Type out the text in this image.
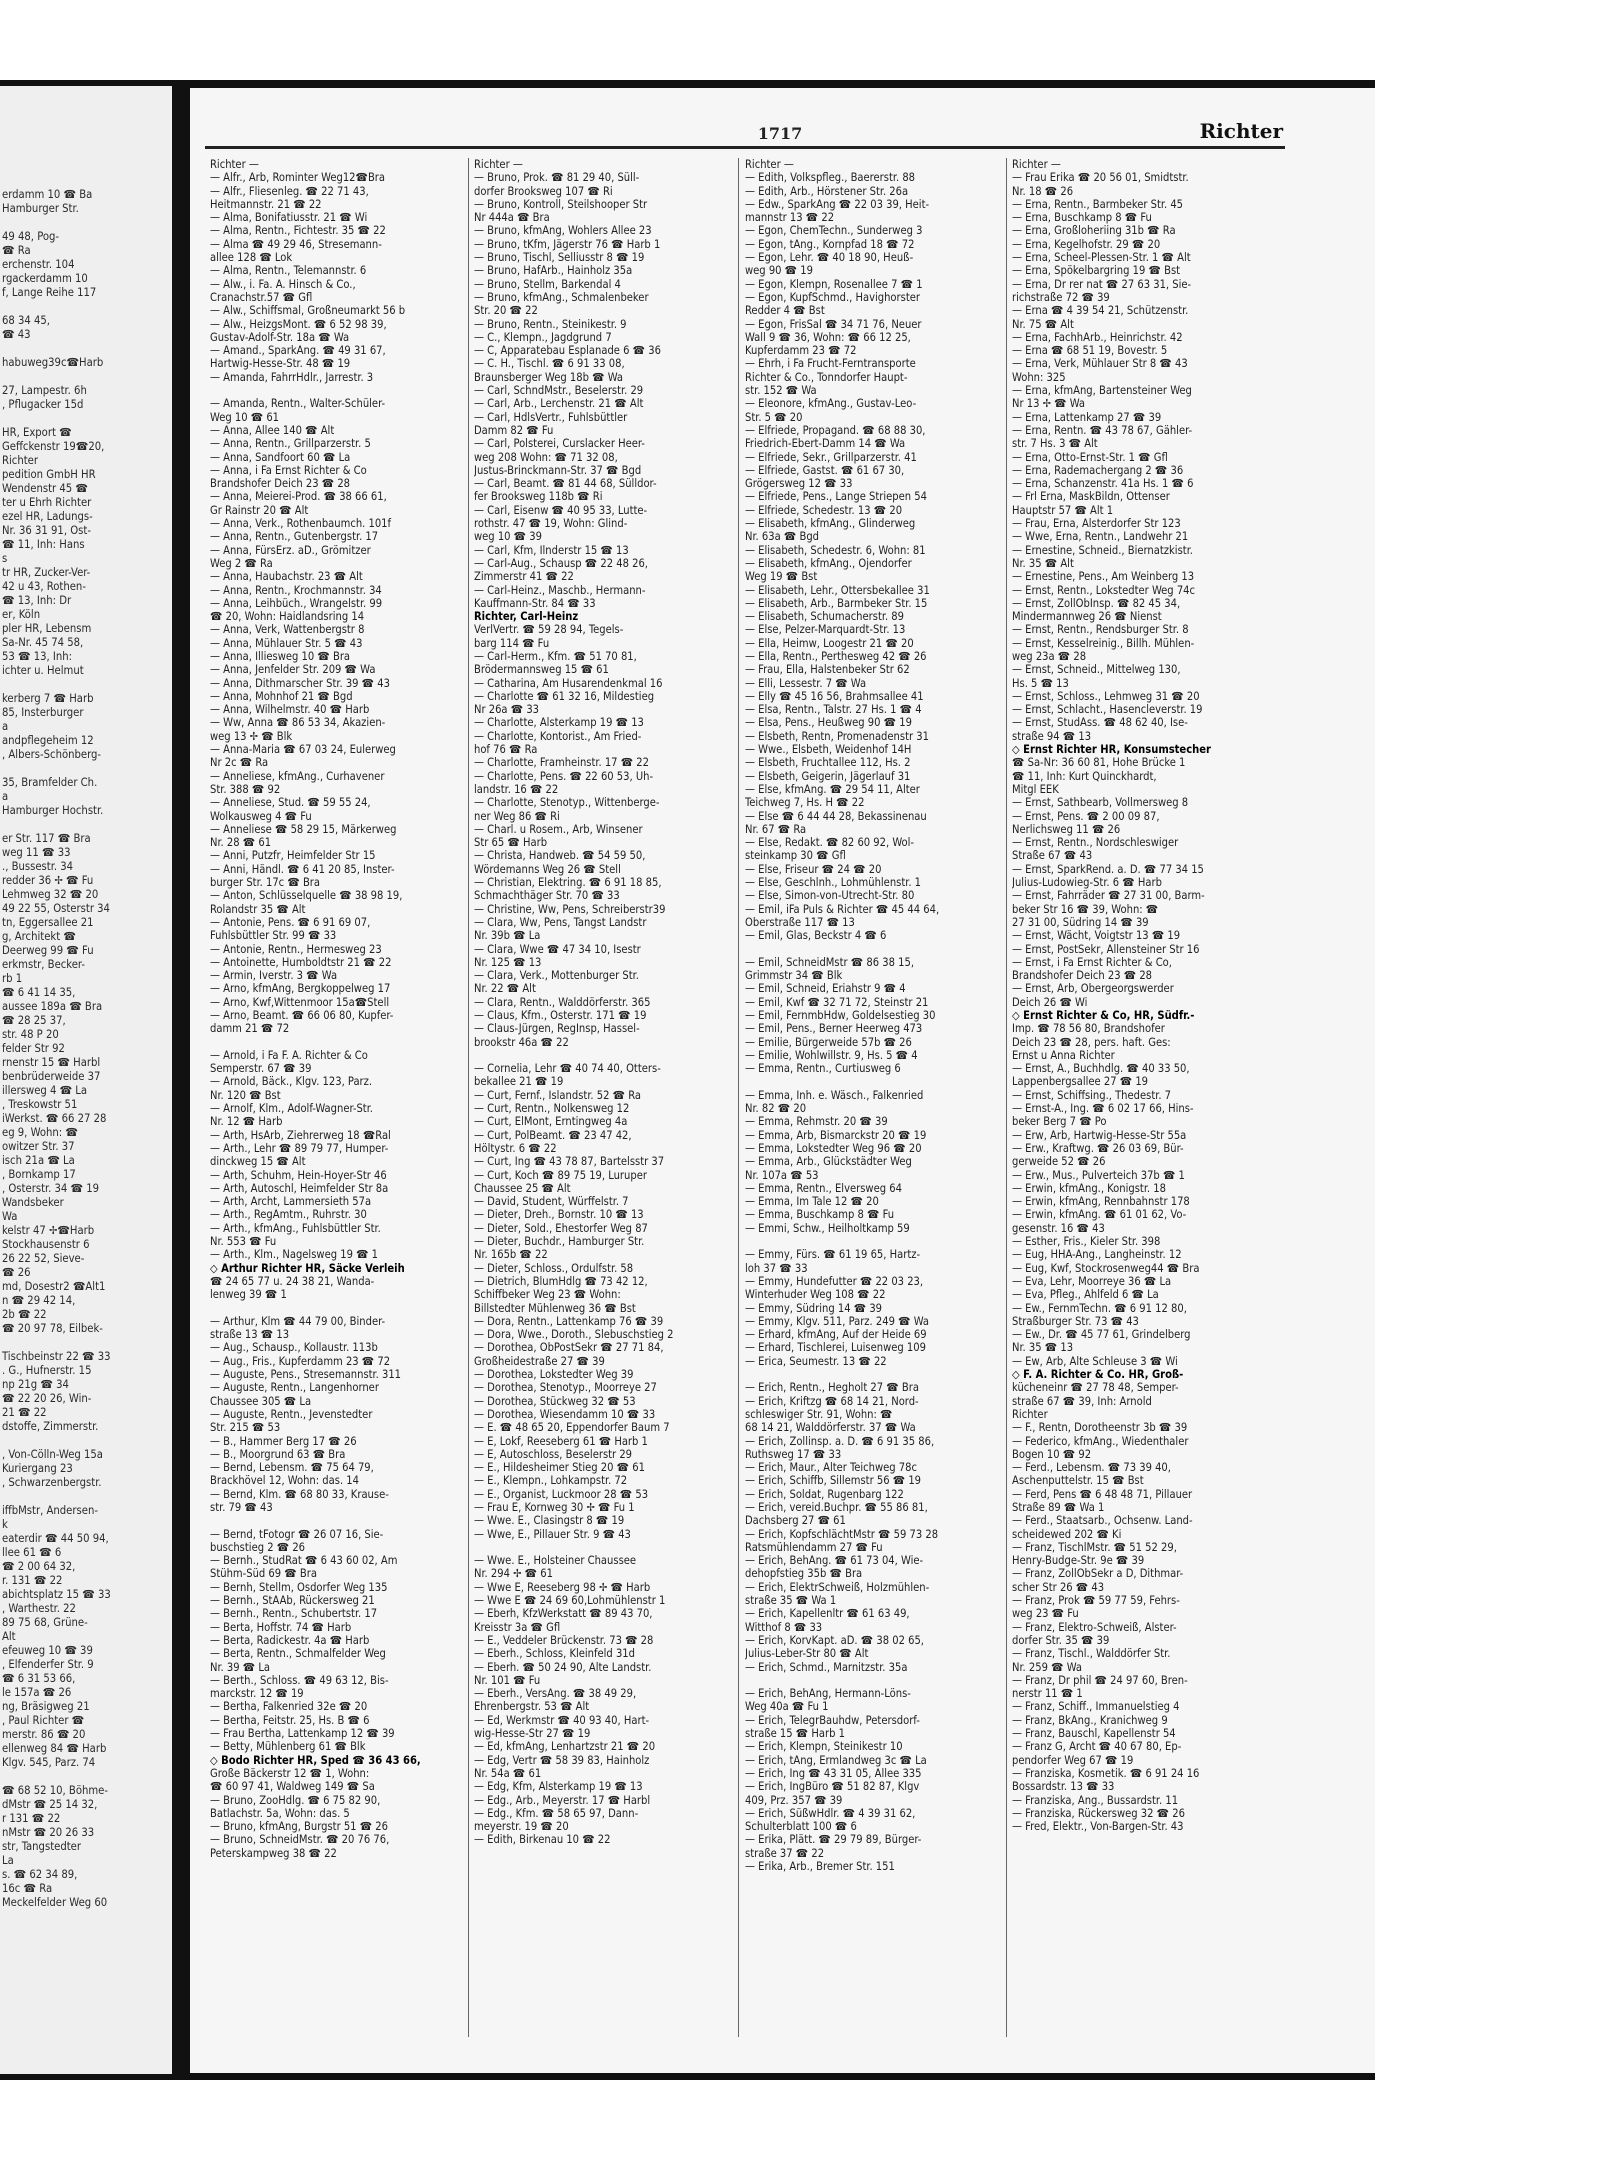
erdamm 10 ☎ Ba
Hamburger Str.

49 48, Pog-
☎ Ra
erchenstr. 104
rgackerdamm 10
f, Lange Reihe 117

68 34 45,
☎ 43

habuweg39c☎Harb

27, Lampestr. 6h
, Pflugacker 15d

HR, Export ☎
Geffckenstr 19☎20,
Richter
pedition GmbH HR
Wendenstr 45 ☎
ter u Ehrh Richter
ezel HR, Ladungs-
Nr. 36 31 91, Ost-
☎ 11, Inh: Hans
s
tr HR, Zucker-Ver-
42 u 43, Rothen-
☎ 13, Inh: Dr
er, Köln
pler HR, Lebensm
Sa-Nr. 45 74 58,
53 ☎ 13, Inh:
ichter u. Helmut

kerberg 7 ☎ Harb
85, Insterburger
a
andpflegeheim 12
, Albers-Schönberg-

35, Bramfelder Ch.
a
Hamburger Hochstr.

er Str. 117 ☎ Bra
weg 11 ☎ 33
., Bussestr. 34
redder 36 ✢ ☎ Fu
Lehmweg 32 ☎ 20
49 22 55, Osterstr 34
tn, Eggersallee 21
g, Architekt ☎
Deerweg 99 ☎ Fu
erkmstr, Becker-
rb 1
☎ 6 41 14 35,
aussee 189a ☎ Bra
☎ 28 25 37,
str. 48 P 20
felder Str 92
rnenstr 15 ☎ Harbl
benbrüderweide 37
illersweg 4 ☎ La
, Treskowstr 51
iWerkst. ☎ 66 27 28
eg 9, Wohn: ☎
owitzer Str. 37
isch 21a ☎ La
, Bornkamp 17
, Osterstr. 34 ☎ 19
Wandsbeker
Wa
kelstr 47 ✢☎Harb
Stockhausenstr 6
26 22 52, Sieve-
☎ 26
md, Dosestr2 ☎Alt1
n ☎ 29 42 14,
2b ☎ 22
☎ 20 97 78, Eilbek-

Tischbeinstr 22 ☎ 33
. G., Hufnerstr. 15
np 21g ☎ 34
☎ 22 20 26, Win-
21 ☎ 22
dstoffe, Zimmerstr.

, Von-Cölln-Weg 15a
Kuriergang 23
, Schwarzenbergstr.

iffbMstr, Andersen-
k
eaterdir ☎ 44 50 94,
llee 61 ☎ 6
☎ 2 00 64 32,
r. 131 ☎ 22
abichtsplatz 15 ☎ 33
, Warthestr. 22
89 75 68, Grüne-
Alt
efeuweg 10 ☎ 39
, Elfenderfer Str. 9
☎ 6 31 53 66,
le 157a ☎ 26
ng, Bräsigweg 21
, Paul Richter ☎
merstr. 86 ☎ 20
ellenweg 84 ☎ Harb
Klgv. 545, Parz. 74

☎ 68 52 10, Böhme-
dMstr ☎ 25 14 32,
r 131 ☎ 22
nMstr ☎ 20 26 33
str, Tangstedter
La
s. ☎ 62 34 89,
16c ☎ Ra
Meckelfelder Weg 60
1717	Richter
Richter —
— Alfr., Arb, Rominter Weg12☎Bra
— Alfr., Fliesenleg. ☎ 22 71 43,
Heitmannstr. 21 ☎ 22
— Alma, Bonifatiusstr. 21 ☎ Wi
— Alma, Rentn., Fichtestr. 35 ☎ 22
— Alma ☎ 49 29 46, Stresemann-
allee 128 ☎ Lok
— Alma, Rentn., Telemannstr. 6
— Alw., i. Fa. A. Hinsch & Co.,
Cranachstr.57 ☎ Gfl
— Alw., Schiffsmal, Großneumarkt 56 b
— Alw., HeizgsMont. ☎ 6 52 98 39,
Gustav-Adolf-Str. 18a ☎ Wa
— Amand., SparkAng. ☎ 49 31 67,
Hartwig-Hesse-Str. 48 ☎ 19
— Amanda, FahrrHdlr., Jarrestr. 3

— Amanda, Rentn., Walter-Schüler-
Weg 10 ☎ 61
— Anna, Allee 140 ☎ Alt
— Anna, Rentn., Grillparzerstr. 5
— Anna, Sandfoort 60 ☎ La
— Anna, i Fa Ernst Richter & Co
Brandshofer Deich 23 ☎ 28
— Anna, Meierei-Prod. ☎ 38 66 61,
Gr Rainstr 20 ☎ Alt
— Anna, Verk., Rothenbaumch. 101f
— Anna, Rentn., Gutenbergstr. 17
— Anna, FürsErz. aD., Grömitzer
Weg 2 ☎ Ra
— Anna, Haubachstr. 23 ☎ Alt
— Anna, Rentn., Krochmannstr. 34
— Anna, Leihbüch., Wrangelstr. 99
☎ 20, Wohn: Haidlandsring 14
— Anna, Verk, Wattenbergstr 8
— Anna, Mühlauer Str. 5 ☎ 43
— Anna, Illiesweg 10 ☎ Bra
— Anna, Jenfelder Str. 209 ☎ Wa
— Anna, Dithmarscher Str. 39 ☎ 43
— Anna, Mohnhof 21 ☎ Bgd
— Anna, Wilhelmstr. 40 ☎ Harb
— Ww, Anna ☎ 86 53 34, Akazien-
weg 13 ✢ ☎ Blk
— Anna-Maria ☎ 67 03 24, Eulerweg
Nr 2c ☎ Ra
— Anneliese, kfmAng., Curhavener
Str. 388 ☎ 92
— Anneliese, Stud. ☎ 59 55 24,
Wolkausweg 4 ☎ Fu
— Anneliese ☎ 58 29 15, Märkerweg
Nr. 28 ☎ 61
— Anni, Putzfr, Heimfelder Str 15
— Anni, Händl. ☎ 6 41 20 85, Inster-
burger Str. 17c ☎ Bra
— Anton, Schlüsselquelle ☎ 38 98 19,
Rolandstr 35 ☎ Alt
— Antonie, Pens. ☎ 6 91 69 07,
Fuhlsbüttler Str. 99 ☎ 33
— Antonie, Rentn., Hermesweg 23
— Antoinette, Humboldtstr 21 ☎ 22
— Armin, Iverstr. 3 ☎ Wa
— Arno, kfmAng, Bergkoppelweg 17
— Arno, Kwf,Wittenmoor 15a☎Stell
— Arno, Beamt. ☎ 66 06 80, Kupfer-
damm 21 ☎ 72

— Arnold, i Fa F. A. Richter & Co
Semperstr. 67 ☎ 39
— Arnold, Bäck., Klgv. 123, Parz.
Nr. 120 ☎ Bst
— Arnolf, Klm., Adolf-Wagner-Str.
Nr. 12 ☎ Harb
— Arth, HsArb, Ziehrerweg 18 ☎Ral
— Arth., Lehr ☎ 89 79 77, Humper-
dinckweg 15 ☎ Alt
— Arth, Schuhm, Hein-Hoyer-Str 46
— Arth, Autoschl, Heimfelder Str 8a
— Arth, Archt, Lammersieth 57a
— Arth., RegAmtm., Ruhrstr. 30
— Arth., kfmAng., Fuhlsbüttler Str.
Nr. 553 ☎ Fu
— Arth., Klm., Nagelsweg 19 ☎ 1
◇ Arthur Richter HR, Säcke Verleih
☎ 24 65 77 u. 24 38 21, Wanda-
lenweg 39 ☎ 1

— Arthur, Klm ☎ 44 79 00, Binder-
straße 13 ☎ 13
— Aug., Schausp., Kollaustr. 113b
— Aug., Fris., Kupferdamm 23 ☎ 72
— Auguste, Pens., Stresemannstr. 311
— Auguste, Rentn., Langenhorner
Chaussee 305 ☎ La
— Auguste, Rentn., Jevenstedter
Str. 215 ☎ 53
— B., Hammer Berg 17 ☎ 26
— B., Moorgrund 63 ☎ Bra
— Bernd, Lebensm. ☎ 75 64 79,
Brackhövel 12, Wohn: das. 14
— Bernd, Klm. ☎ 68 80 33, Krause-
str. 79 ☎ 43

— Bernd, tFotogr ☎ 26 07 16, Sie-
buschstieg 2 ☎ 26
— Bernh., StudRat ☎ 6 43 60 02, Am
Stühm-Süd 69 ☎ Bra
— Bernh, Stellm, Osdorfer Weg 135
— Bernh., StAAb, Rückersweg 21
— Bernh., Rentn., Schubertstr. 17
— Berta, Hoffstr. 74 ☎ Harb
— Berta, Radickestr. 4a ☎ Harb
— Berta, Rentn., Schmalfelder Weg
Nr. 39 ☎ La
— Berth., Schloss. ☎ 49 63 12, Bis-
marckstr. 12 ☎ 19
— Bertha, Falkenried 32e ☎ 20
— Bertha, Feitstr. 25, Hs. B ☎ 6
— Frau Bertha, Lattenkamp 12 ☎ 39
— Betty, Mühlenberg 61 ☎ Blk
◇ Bodo Richter HR, Sped ☎ 36 43 66,
Große Bäckerstr 12 ☎ 1, Wohn:
☎ 60 97 41, Waldweg 149 ☎ Sa
— Bruno, ZooHdlg. ☎ 6 75 82 90,
Batlachstr. 5a, Wohn: das. 5
— Bruno, kfmAng, Burgstr 51 ☎ 26
— Bruno, SchneidMstr. ☎ 20 76 76,
Peterskampweg 38 ☎ 22
Richter —
— Bruno, Prok. ☎ 81 29 40, Süll-
dorfer Brooksweg 107 ☎ Ri
— Bruno, Kontroll, Steilshooper Str
Nr 444a ☎ Bra
— Bruno, kfmAng, Wohlers Allee 23
— Bruno, tKfm, Jägerstr 76 ☎ Harb 1
— Bruno, Tischl, Selliusstr 8 ☎ 19
— Bruno, HafArb., Hainholz 35a
— Bruno, Stellm, Barkendal 4
— Bruno, kfmAng., Schmalenbeker
Str. 20 ☎ 22
— Bruno, Rentn., Steinikestr. 9
— C., Klempn., Jagdgrund 7
— C, Apparatebau Esplanade 6 ☎ 36
— C. H., Tischl. ☎ 6 91 33 08,
Braunsberger Weg 18b ☎ Wa
— Carl, SchndMstr., Beselerstr. 29
— Carl, Arb., Lerchenstr. 21 ☎ Alt
— Carl, HdlsVertr., Fuhlsbüttler
Damm 82 ☎ Fu
— Carl, Polsterei, Curslacker Heer-
weg 208 Wohn: ☎ 71 32 08,
Justus-Brinckmann-Str. 37 ☎ Bgd
— Carl, Beamt. ☎ 81 44 68, Sülldor-
fer Brooksweg 118b ☎ Ri
— Carl, Eisenw ☎ 40 95 33, Lutte-
rothstr. 47 ☎ 19, Wohn: Glind-
weg 10 ☎ 39
— Carl, Kfm, Ilnderstr 15 ☎ 13
— Carl-Aug., Schausp ☎ 22 48 26,
Zimmerstr 41 ☎ 22
— Carl-Heinz., Maschb., Hermann-
Kauffmann-Str. 84 ☎ 33
Richter, Carl-Heinz
VerlVertr. ☎ 59 28 94, Tegels-
barg 114 ☎ Fu
— Carl-Herm., Kfm. ☎ 51 70 81,
Brödermannsweg 15 ☎ 61
— Catharina, Am Husarendenkmal 16
— Charlotte ☎ 61 32 16, Mildestieg
Nr 26a ☎ 33
— Charlotte, Alsterkamp 19 ☎ 13
— Charlotte, Kontorist., Am Fried-
hof 76 ☎ Ra
— Charlotte, Framheinstr. 17 ☎ 22
— Charlotte, Pens. ☎ 22 60 53, Uh-
landstr. 16 ☎ 22
— Charlotte, Stenotyp., Wittenberge-
ner Weg 86 ☎ Ri
— Charl. u Rosem., Arb, Winsener
Str 65 ☎ Harb
— Christa, Handweb. ☎ 54 59 50,
Wördemanns Weg 26 ☎ Stell
— Christian, Elektring. ☎ 6 91 18 85,
Schmachthäger Str. 70 ☎ 33
— Christine, Ww, Pens, Schreiberstr39
— Clara, Ww, Pens, Tangst Landstr
Nr. 39b ☎ La
— Clara, Wwe ☎ 47 34 10, Isestr
Nr. 125 ☎ 13
— Clara, Verk., Mottenburger Str.
Nr. 22 ☎ Alt
— Clara, Rentn., Walddörferstr. 365
— Claus, Kfm., Osterstr. 171 ☎ 19
— Claus-Jürgen, RegInsp, Hassel-
brookstr 46a ☎ 22

— Cornelia, Lehr ☎ 40 74 40, Otters-
bekallee 21 ☎ 19
— Curt, Fernf., Islandstr. 52 ☎ Ra
— Curt, Rentn., Nolkensweg 12
— Curt, ElMont, Erntingweg 4a
— Curt, PolBeamt. ☎ 23 47 42,
Höltystr. 6 ☎ 22
— Curt, Ing ☎ 43 78 87, Bartelsstr 37
— Curt, Koch ☎ 89 75 19, Luruper
Chaussee 25 ☎ Alt
— David, Student, Würffelstr. 7
— Dieter, Dreh., Bornstr. 10 ☎ 13
— Dieter, Sold., Ehestorfer Weg 87
— Dieter, Buchdr., Hamburger Str.
Nr. 165b ☎ 22
— Dieter, Schloss., Ordulfstr. 58
— Dietrich, BlumHdlg ☎ 73 42 12,
Schiffbeker Weg 23 ☎ Wohn:
Billstedter Mühlenweg 36 ☎ Bst
— Dora, Rentn., Lattenkamp 76 ☎ 39
— Dora, Wwe., Doroth., Slebuschstieg 2
— Dorothea, ObPostSekr ☎ 27 71 84,
Großheidestraße 27 ☎ 39
— Dorothea, Lokstedter Weg 39
— Dorothea, Stenotyp., Moorreye 27
— Dorothea, Stückweg 32 ☎ 53
— Dorothea, Wiesendamm 10 ☎ 33
— E. ☎ 48 65 20, Eppendorfer Baum 7
— E, Lokf, Reeseberg 61 ☎ Harb 1
— E, Autoschloss, Beselerstr 29
— E., Hildesheimer Stieg 20 ☎ 61
— E., Klempn., Lohkampstr. 72
— E., Organist, Luckmoor 28 ☎ 53
— Frau E, Kornweg 30 ✢ ☎ Fu 1
— Wwe. E., Clasingstr 8 ☎ 19
— Wwe, E., Pillauer Str. 9 ☎ 43

— Wwe. E., Holsteiner Chaussee
Nr. 294 ✢ ☎ 61
— Wwe E, Reeseberg 98 ✢ ☎ Harb
— Wwe E ☎ 24 69 60,Lohmühlenstr 1
— Eberh, KfzWerkstatt ☎ 89 43 70,
Kreisstr 3a ☎ Gfl
— E., Veddeler Brückenstr. 73 ☎ 28
— Eberh., Schloss, Kleinfeld 31d
— Eberh. ☎ 50 24 90, Alte Landstr.
Nr. 101 ☎ Fu
— Eberh., VersAng. ☎ 38 49 29,
Ehrenbergstr. 53 ☎ Alt
— Ed, Werkmstr ☎ 40 93 40, Hart-
wig-Hesse-Str 27 ☎ 19
— Ed, kfmAng, Lenhartzstr 21 ☎ 20
— Edg, Vertr ☎ 58 39 83, Hainholz
Nr. 54a ☎ 61
— Edg, Kfm, Alsterkamp 19 ☎ 13
— Edg., Arb., Meyerstr. 17 ☎ Harbl
— Edg., Kfm. ☎ 58 65 97, Dann-
meyerstr. 19 ☎ 20
— Edith, Birkenau 10 ☎ 22
Richter —
— Edith, Volkspfleg., Baererstr. 88
— Edith, Arb., Hörstener Str. 26a
— Edw., SparkAng ☎ 22 03 39, Heit-
mannstr 13 ☎ 22
— Egon, ChemTechn., Sunderweg 3
— Egon, tAng., Kornpfad 18 ☎ 72
— Egon, Lehr. ☎ 40 18 90, Heuß-
weg 90 ☎ 19
— Egon, Klempn, Rosenallee 7 ☎ 1
— Egon, KupfSchmd., Havighorster
Redder 4 ☎ Bst
— Egon, FrisSal ☎ 34 71 76, Neuer
Wall 9 ☎ 36, Wohn: ☎ 66 12 25,
Kupferdamm 23 ☎ 72
— Ehrh, i Fa Frucht-Ferntransporte
Richter & Co., Tonndorfer Haupt-
str. 152 ☎ Wa
— Eleonore, kfmAng., Gustav-Leo-
Str. 5 ☎ 20
— Elfriede, Propagand. ☎ 68 88 30,
Friedrich-Ebert-Damm 14 ☎ Wa
— Elfriede, Sekr., Grillparzerstr. 41
— Elfriede, Gastst. ☎ 61 67 30,
Grögersweg 12 ☎ 33
— Elfriede, Pens., Lange Striepen 54
— Elfriede, Schedestr. 13 ☎ 20
— Elisabeth, kfmAng., Glinderweg
Nr. 63a ☎ Bgd
— Elisabeth, Schedestr. 6, Wohn: 81
— Elisabeth, kfmAng., Ojendorfer
Weg 19 ☎ Bst
— Elisabeth, Lehr., Ottersbekallee 31
— Elisabeth, Arb., Barmbeker Str. 15
— Elisabeth, Schumacherstr. 89
— Else, Pelzer-Marquardt-Str. 13
— Ella, Heimw, Loogestr 21 ☎ 20
— Ella, Rentn., Perthesweg 42 ☎ 26
— Frau, Ella, Halstenbeker Str 62
— Elli, Lessestr. 7 ☎ Wa
— Elly ☎ 45 16 56, Brahmsallee 41
— Elsa, Rentn., Talstr. 27 Hs. 1 ☎ 4
— Elsa, Pens., Heußweg 90 ☎ 19
— Elsbeth, Rentn, Promenadenstr 31
— Wwe., Elsbeth, Weidenhof 14H
— Elsbeth, Fruchtallee 112, Hs. 2
— Elsbeth, Geigerin, Jägerlauf 31
— Else, kfmAng. ☎ 29 54 11, Alter
Teichweg 7, Hs. H ☎ 22
— Else ☎ 6 44 44 28, Bekassinenau
Nr. 67 ☎ Ra
— Else, Redakt. ☎ 82 60 92, Wol-
steinkamp 30 ☎ Gfl
— Else, Friseur ☎ 24 ☎ 20
— Else, Geschlnh., Lohmühlenstr. 1
— Else, Simon-von-Utrecht-Str. 80
— Emil, iFa Puls & Richter ☎ 45 44 64,
Oberstraße 117 ☎ 13
— Emil, Glas, Beckstr 4 ☎ 6

— Emil, SchneidMstr ☎ 86 38 15,
Grimmstr 34 ☎ Blk
— Emil, Schneid, Eriahstr 9 ☎ 4
— Emil, Kwf ☎ 32 71 72, Steinstr 21
— Emil, FernmbHdw, Goldelsestieg 30
— Emil, Pens., Berner Heerweg 473
— Emilie, Bürgerweide 57b ☎ 26
— Emilie, Wohlwillstr. 9, Hs. 5 ☎ 4
— Emma, Rentn., Curtiusweg 6

— Emma, Inh. e. Wäsch., Falkenried
Nr. 82 ☎ 20
— Emma, Rehmstr. 20 ☎ 39
— Emma, Arb, Bismarckstr 20 ☎ 19
— Emma, Lokstedter Weg 96 ☎ 20
— Emma, Arb., Glückstädter Weg
Nr. 107a ☎ 53
— Emma, Rentn., Elversweg 64
— Emma, Im Tale 12 ☎ 20
— Emma, Buschkamp 8 ☎ Fu
— Emmi, Schw., Heilholtkamp 59

— Emmy, Fürs. ☎ 61 19 65, Hartz-
loh 37 ☎ 33
— Emmy, Hundefutter ☎ 22 03 23,
Winterhuder Weg 108 ☎ 22
— Emmy, Südring 14 ☎ 39
— Emmy, Klgv. 511, Parz. 249 ☎ Wa
— Erhard, kfmAng, Auf der Heide 69
— Erhard, Tischlerei, Luisenweg 109
— Erica, Seumestr. 13 ☎ 22

— Erich, Rentn., Hegholt 27 ☎ Bra
— Erich, Kriftzg ☎ 68 14 21, Nord-
schleswiger Str. 91, Wohn: ☎
68 14 21, Walddörferstr. 37 ☎ Wa
— Erich, Zollinsp. a. D. ☎ 6 91 35 86,
Ruthsweg 17 ☎ 33
— Erich, Maur., Alter Teichweg 78c
— Erich, Schiffb, Sillemstr 56 ☎ 19
— Erich, Soldat, Rugenbarg 122
— Erich, vereid.Buchpr. ☎ 55 86 81,
Dachsberg 27 ☎ 61
— Erich, KopfschlächtMstr ☎ 59 73 28
Ratsmühlendamm 27 ☎ Fu
— Erich, BehAng. ☎ 61 73 04, Wie-
dehopfstieg 35b ☎ Bra
— Erich, ElektrSchweiß, Holzmühlen-
straße 35 ☎ Wa 1
— Erich, Kapellenltr ☎ 61 63 49,
Witthof 8 ☎ 33
— Erich, KorvKapt. aD. ☎ 38 02 65,
Julius-Leber-Str 80 ☎ Alt
— Erich, Schmd., Marnitzstr. 35a

— Erich, BehAng, Hermann-Löns-
Weg 40a ☎ Fu 1
— Erich, TelegrBauhdw, Petersdorf-
straße 15 ☎ Harb 1
— Erich, Klempn, Steinikestr 10
— Erich, tAng, Ermlandweg 3c ☎ La
— Erich, Ing ☎ 43 31 05, Allee 335
— Erich, IngBüro ☎ 51 82 87, Klgv
409, Prz. 357 ☎ 39
— Erich, SüßwHdlr. ☎ 4 39 31 62,
Schulterblatt 100 ☎ 6
— Erika, Plätt. ☎ 29 79 89, Bürger-
straße 37 ☎ 22
— Erika, Arb., Bremer Str. 151
Richter —
— Frau Erika ☎ 20 56 01, Smidtstr.
Nr. 18 ☎ 26
— Erna, Rentn., Barmbeker Str. 45
— Erna, Buschkamp 8 ☎ Fu
— Erna, Großloheriing 31b ☎ Ra
— Erna, Kegelhofstr. 29 ☎ 20
— Erna, Scheel-Plessen-Str. 1 ☎ Alt
— Erna, Spökelbargring 19 ☎ Bst
— Erna, Dr rer nat ☎ 27 63 31, Sie-
richstraße 72 ☎ 39
— Erna ☎ 4 39 54 21, Schützenstr.
Nr. 75 ☎ Alt
— Erna, FachhArb., Heinrichstr. 42
— Erna ☎ 68 51 19, Bovestr. 5
— Erna, Verk, Mühlauer Str 8 ☎ 43
Wohn: 325
— Erna, kfmAng, Bartensteiner Weg
Nr 13 ✢ ☎ Wa
— Erna, Lattenkamp 27 ☎ 39
— Erna, Rentn. ☎ 43 78 67, Gähler-
str. 7 Hs. 3 ☎ Alt
— Erna, Otto-Ernst-Str. 1 ☎ Gfl
— Erna, Rademachergang 2 ☎ 36
— Erna, Schanzenstr. 41a Hs. 1 ☎ 6
— Frl Erna, MaskBildn, Ottenser
Hauptstr 57 ☎ Alt 1
— Frau, Erna, Alsterdorfer Str 123
— Wwe, Erna, Rentn., Landwehr 21
— Ernestine, Schneid., Biernatzkistr.
Nr. 35 ☎ Alt
— Ernestine, Pens., Am Weinberg 13
— Ernst, Rentn., Lokstedter Weg 74c
— Ernst, ZollObInsp. ☎ 82 45 34,
Mindermannweg 26 ☎ Nienst
— Ernst, Rentn., Rendsburger Str. 8
— Ernst, Kesselreinig., Billh. Mühlen-
weg 23a ☎ 28
— Ernst, Schneid., Mittelweg 130,
Hs. 5 ☎ 13
— Ernst, Schloss., Lehmweg 31 ☎ 20
— Ernst, Schlacht., Hasencleverstr. 19
— Ernst, StudAss. ☎ 48 62 40, Ise-
straße 94 ☎ 13
◇ Ernst Richter HR, Konsumstecher
☎ Sa-Nr: 36 60 81, Hohe Brücke 1
☎ 11, Inh: Kurt Quinckhardt,
Mitgl EEK
— Ernst, Sathbearb, Vollmersweg 8
— Ernst, Pens. ☎ 2 00 09 87,
Nerlichsweg 11 ☎ 26
— Ernst, Rentn., Nordschleswiger
Straße 67 ☎ 43
— Ernst, SparkRend. a. D. ☎ 77 34 15
Julius-Ludowieg-Str. 6 ☎ Harb
— Ernst, Fahrräder ☎ 27 31 00, Barm-
beker Str 16 ☎ 39, Wohn: ☎
27 31 00, Südring 14 ☎ 39
— Ernst, Wächt, Voigtstr 13 ☎ 19
— Ernst, PostSekr, Allensteiner Str 16
— Ernst, i Fa Ernst Richter & Co,
Brandshofer Deich 23 ☎ 28
— Ernst, Arb, Obergeorgswerder
Deich 26 ☎ Wi
◇ Ernst Richter & Co, HR, Südfr.-
Imp. ☎ 78 56 80, Brandshofer
Deich 23 ☎ 28, pers. haft. Ges:
Ernst u Anna Richter
— Ernst, A., Buchhdlg. ☎ 40 33 50,
Lappenbergsallee 27 ☎ 19
— Ernst, Schiffsing., Thedestr. 7
— Ernst-A., Ing. ☎ 6 02 17 66, Hins-
beker Berg 7 ☎ Po
— Erw, Arb, Hartwig-Hesse-Str 55a
— Erw., Kraftwg. ☎ 26 03 69, Bür-
gerweide 52 ☎ 26
— Erw., Mus., Pulverteich 37b ☎ 1
— Erwin, kfmAng., Konigstr. 18
— Erwin, kfmAng, Rennbahnstr 178
— Erwin, kfmAng. ☎ 61 01 62, Vo-
gesenstr. 16 ☎ 43
— Esther, Fris., Kieler Str. 398
— Eug, HHA-Ang., Langheinstr. 12
— Eug, Kwf, Stockrosenweg44 ☎ Bra
— Eva, Lehr, Moorreye 36 ☎ La
— Eva, Pfleg., Ahlfeld 6 ☎ La
— Ew., FernmTechn. ☎ 6 91 12 80,
Straßburger Str. 73 ☎ 43
— Ew., Dr. ☎ 45 77 61, Grindelberg
Nr. 35 ☎ 13
— Ew, Arb, Alte Schleuse 3 ☎ Wi
◇ F. A. Richter & Co. HR, Groß-
kücheneinr ☎ 27 78 48, Semper-
straße 67 ☎ 39, Inh: Arnold
Richter
— F., Rentn, Dorotheenstr 3b ☎ 39
— Federico, kfmAng., Wiedenthaler
Bogen 10 ☎ 92
— Ferd., Lebensm. ☎ 73 39 40,
Aschenputtelstr. 15 ☎ Bst
— Ferd, Pens ☎ 6 48 48 71, Pillauer
Straße 89 ☎ Wa 1
— Ferd., Staatsarb., Ochsenw. Land-
scheidewed 202 ☎ Ki
— Franz, TischlMstr. ☎ 51 52 29,
Henry-Budge-Str. 9e ☎ 39
— Franz, ZollObSekr a D, Dithmar-
scher Str 26 ☎ 43
— Franz, Prok ☎ 59 77 59, Fehrs-
weg 23 ☎ Fu
— Franz, Elektro-Schweiß, Alster-
dorfer Str. 35 ☎ 39
— Franz, Tischl., Walddörfer Str.
Nr. 259 ☎ Wa
— Franz, Dr phil ☎ 24 97 60, Bren-
nerstr 11 ☎ 1
— Franz, Schiff., Immanuelstieg 4
— Franz, BkAng., Kranichweg 9
— Franz, Bauschl, Kapellenstr 54
— Franz G, Archt ☎ 40 67 80, Ep-
pendorfer Weg 67 ☎ 19
— Franziska, Kosmetik. ☎ 6 91 24 16
Bossardstr. 13 ☎ 33
— Franziska, Ang., Bussardstr. 11
— Franziska, Rückersweg 32 ☎ 26
— Fred, Elektr., Von-Bargen-Str. 43
